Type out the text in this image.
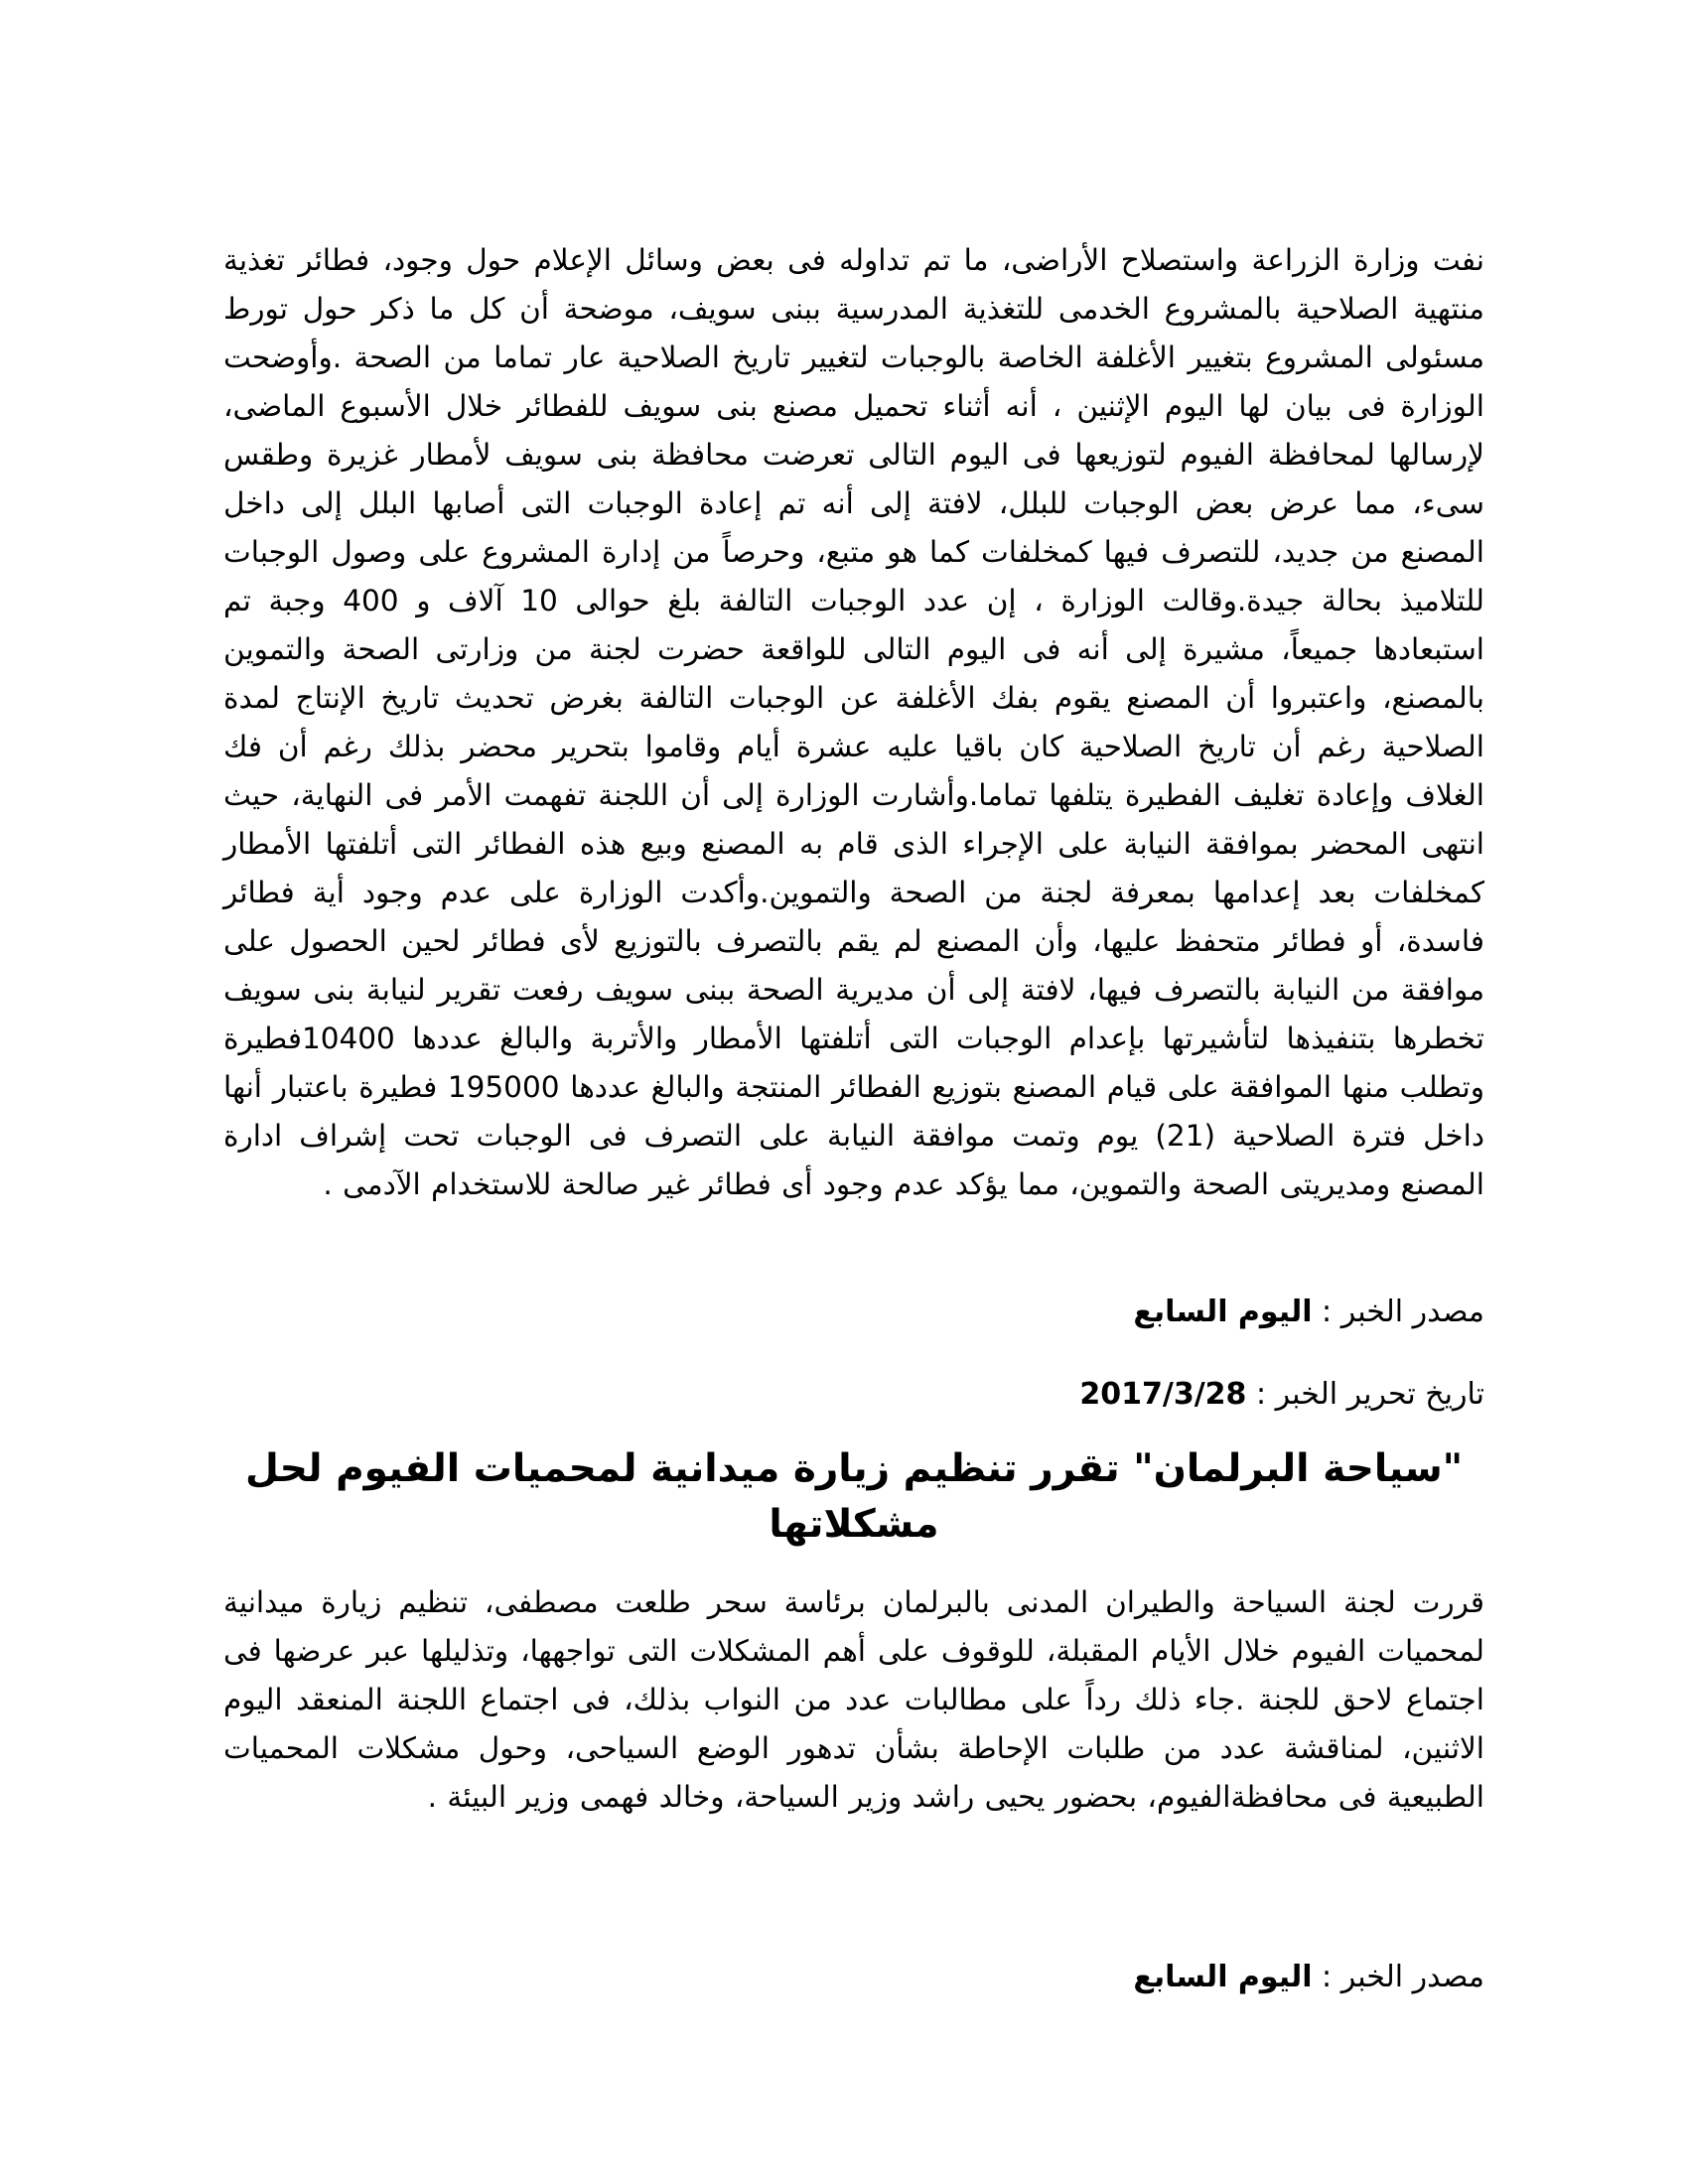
نفت وزارة الزراعة واستصلاح الأراضى، ما تم تداوله فى بعض وسائل الإعلام حول وجود، فطائر تغذية منتهية الصلاحية بالمشروع الخدمى للتغذية المدرسية ببنى سويف، موضحة أن كل ما ذكر حول تورط مسئولى المشروع بتغيير الأغلفة الخاصة بالوجبات لتغيير تاريخ الصلاحية عار تماما من الصحة .وأوضحت الوزارة فى بيان لها اليوم الإثنين ، أنه أثناء تحميل مصنع بنى سويف للفطائر خلال الأسبوع الماضى، لإرسالها لمحافظة الفيوم لتوزيعها فى اليوم التالى تعرضت محافظة بنى سويف لأمطار غزيرة وطقس سىء، مما عرض بعض الوجبات للبلل، لافتة إلى أنه تم إعادة الوجبات التى أصابها البلل إلى داخل المصنع من جديد، للتصرف فيها كمخلفات كما هو متبع، وحرصاً من إدارة المشروع على وصول الوجبات للتلاميذ بحالة جيدة.وقالت الوزارة ، إن عدد الوجبات التالفة بلغ حوالى 10 آلاف و 400 وجبة تم استبعادها جميعاً، مشيرة إلى أنه فى اليوم التالى للواقعة حضرت لجنة من وزارتى الصحة والتموين بالمصنع، واعتبروا أن المصنع يقوم بفك الأغلفة عن الوجبات التالفة بغرض تحديث تاريخ الإنتاج لمدة الصلاحية رغم أن تاريخ الصلاحية كان باقيا عليه عشرة أيام وقاموا بتحرير محضر بذلك رغم أن فك الغلاف وإعادة تغليف الفطيرة يتلفها تماما.وأشارت الوزارة إلى أن اللجنة تفهمت الأمر فى النهاية، حيث انتهى المحضر بموافقة النيابة على الإجراء الذى قام به المصنع وبيع هذه الفطائر التى أتلفتها الأمطار كمخلفات بعد إعدامها بمعرفة لجنة من الصحة والتموين.وأكدت الوزارة على عدم وجود أية فطائر فاسدة، أو فطائر متحفظ عليها، وأن المصنع لم يقم بالتصرف بالتوزيع لأى فطائر لحين الحصول على موافقة من النيابة بالتصرف فيها، لافتة إلى أن مديرية الصحة ببنى سويف رفعت تقرير لنيابة بنى سويف تخطرها بتنفيذها لتأشيرتها بإعدام الوجبات التى أتلفتها الأمطار والأتربة والبالغ عددها 10400فطيرة وتطلب منها الموافقة على قيام المصنع بتوزيع الفطائر المنتجة والبالغ عددها 195000 فطيرة باعتبار أنها داخل فترة الصلاحية (21) يوم وتمت موافقة النيابة على التصرف فى الوجبات تحت إشراف ادارة المصنع ومديريتى الصحة والتموين، مما يؤكد عدم وجود أى فطائر غير صالحة للاستخدام الآدمى .

مصدر الخبر : اليوم السابع

تاريخ تحرير الخبر : 2017/3/28

"سياحة البرلمان" تقرر تنظيم زيارة ميدانية لمحميات الفيوم لحل مشكلاتها

قررت لجنة السياحة والطيران المدنى بالبرلمان برئاسة سحر طلعت مصطفى، تنظيم زيارة ميدانية لمحميات الفيوم خلال الأيام المقبلة، للوقوف على أهم المشكلات التى تواجهها، وتذليلها عبر عرضها فى اجتماع لاحق للجنة .جاء ذلك رداً على مطالبات عدد من النواب بذلك، فى اجتماع اللجنة المنعقد اليوم الاثنين، لمناقشة عدد من طلبات الإحاطة بشأن تدهور الوضع السياحى، وحول مشكلات المحميات الطبيعية فى محافظةالفيوم، بحضور يحيى راشد وزير السياحة، وخالد فهمى وزير البيئة .

مصدر الخبر : اليوم السابع
